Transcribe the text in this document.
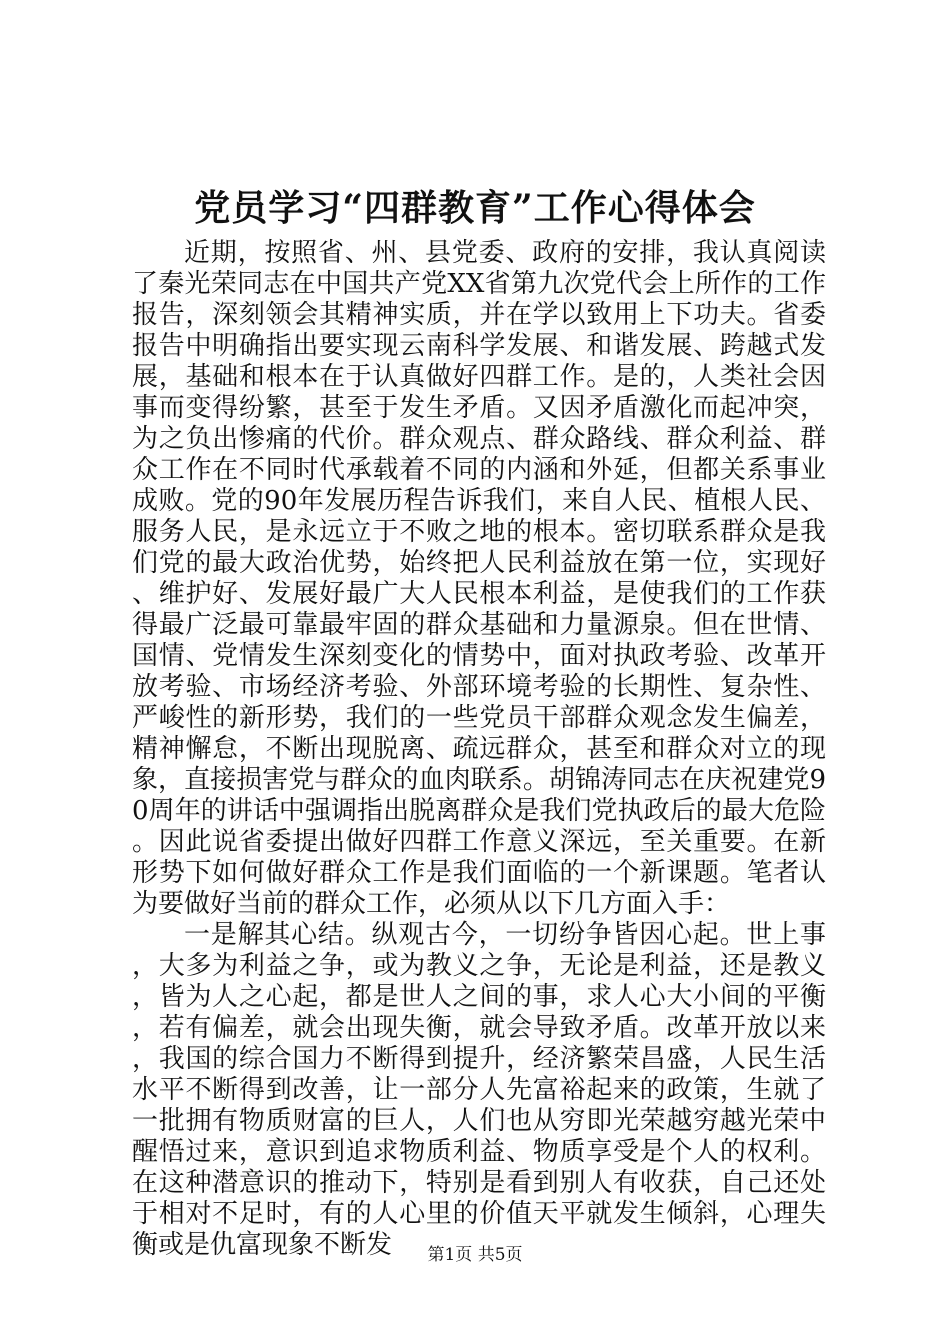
党员学习“四群教育”工作心得体会

近期，按照省、州、县党委、政府的安排，我认真阅读了秦光荣同志在中国共产党XX省第九次党代会上所作的工作报告，深刻领会其精神实质，并在学以致用上下功夫。省委报告中明确指出要实现云南科学发展、和谐发展、跨越式发展，基础和根本在于认真做好四群工作。是的，人类社会因事而变得纷繁，甚至于发生矛盾。又因矛盾激化而起冲突，为之负出惨痛的代价。群众观点、群众路线、群众利益、群众工作在不同时代承载着不同的内涵和外延，但都关系事业成败。党的90年发展历程告诉我们，来自人民、植根人民、服务人民，是永远立于不败之地的根本。密切联系群众是我们党的最大政治优势，始终把人民利益放在第一位，实现好、维护好、发展好最广大人民根本利益，是使我们的工作获得最广泛最可靠最牢固的群众基础和力量源泉。但在世情、国情、党情发生深刻变化的情势中，面对执政考验、改革开放考验、市场经济考验、外部环境考验的长期性、复杂性、严峻性的新形势，我们的一些党员干部群众观念发生偏差，精神懈怠，不断出现脱离、疏远群众，甚至和群众对立的现象，直接损害党与群众的血肉联系。胡锦涛同志在庆祝建党90周年的讲话中强调指出脱离群众是我们党执政后的最大危险。因此说省委提出做好四群工作意义深远，至关重要。在新形势下如何做好群众工作是我们面临的一个新课题。笔者认为要做好当前的群众工作，必须从以下几方面入手：

一是解其心结。纵观古今，一切纷争皆因心起。世上事，大多为利益之争，或为教义之争，无论是利益，还是教义，皆为人之心起，都是世人之间的事，求人心大小间的平衡，若有偏差，就会出现失衡，就会导致矛盾。改革开放以来，我国的综合国力不断得到提升，经济繁荣昌盛，人民生活水平不断得到改善，让一部分人先富裕起来的政策，生就了一批拥有物质财富的巨人，人们也从穷即光荣越穷越光荣中醒悟过来，意识到追求物质利益、物质享受是个人的权利。在这种潜意识的推动下，特别是看到别人有收获，自己还处于相对不足时，有的人心里的价值天平就发生倾斜，心理失衡或是仇富现象不断发	第1页 共5页
